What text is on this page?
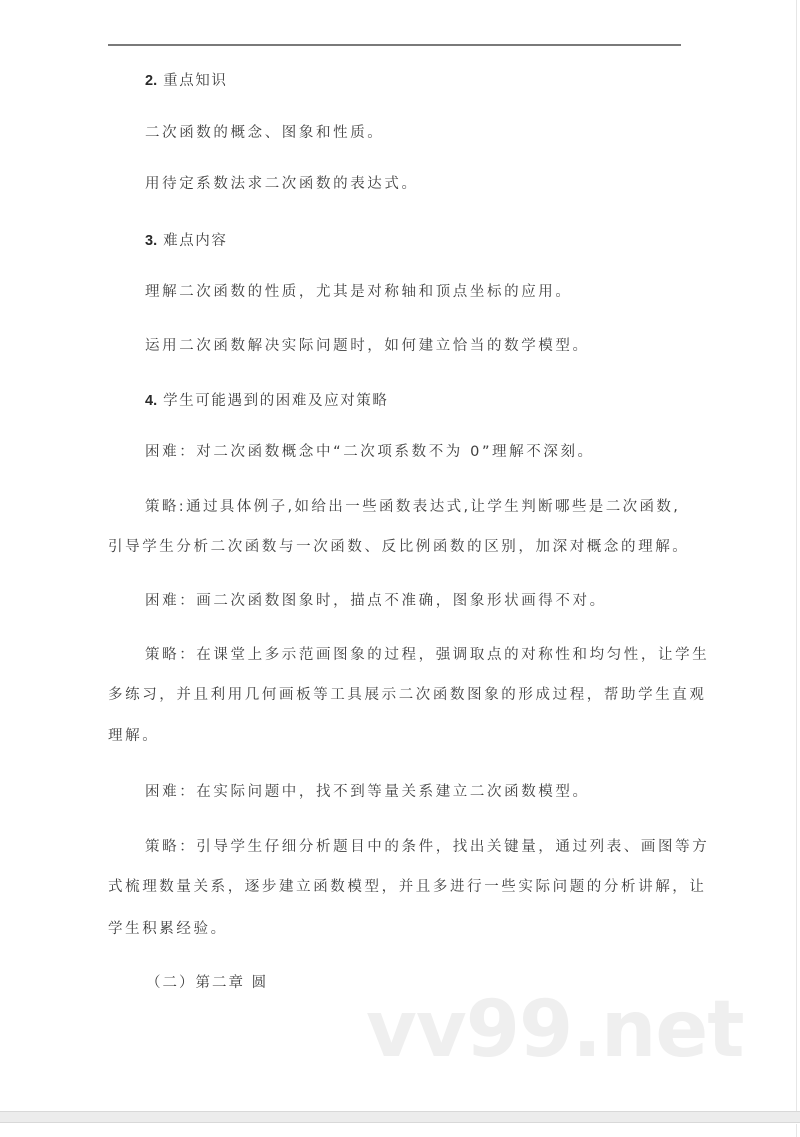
2. 重点知识
二次函数的概念、图象和性质。
用待定系数法求二次函数的表达式。
3. 难点内容
理解二次函数的性质，尤其是对称轴和顶点坐标的应用。
运用二次函数解决实际问题时，如何建立恰当的数学模型。
4. 学生可能遇到的困难及应对策略
困难：对二次函数概念中“二次项系数不为 0”理解不深刻。
策略:通过具体例子,如给出一些函数表达式,让学生判断哪些是二次函数,
引导学生分析二次函数与一次函数、反比例函数的区别，加深对概念的理解。
困难：画二次函数图象时，描点不准确，图象形状画得不对。
策略：在课堂上多示范画图象的过程，强调取点的对称性和均匀性，让学生
多练习，并且利用几何画板等工具展示二次函数图象的形成过程，帮助学生直观
理解。
困难：在实际问题中，找不到等量关系建立二次函数模型。
策略：引导学生仔细分析题目中的条件，找出关键量，通过列表、画图等方
式梳理数量关系，逐步建立函数模型，并且多进行一些实际问题的分析讲解，让
学生积累经验。
（二）第二章 圆
vv99.net
